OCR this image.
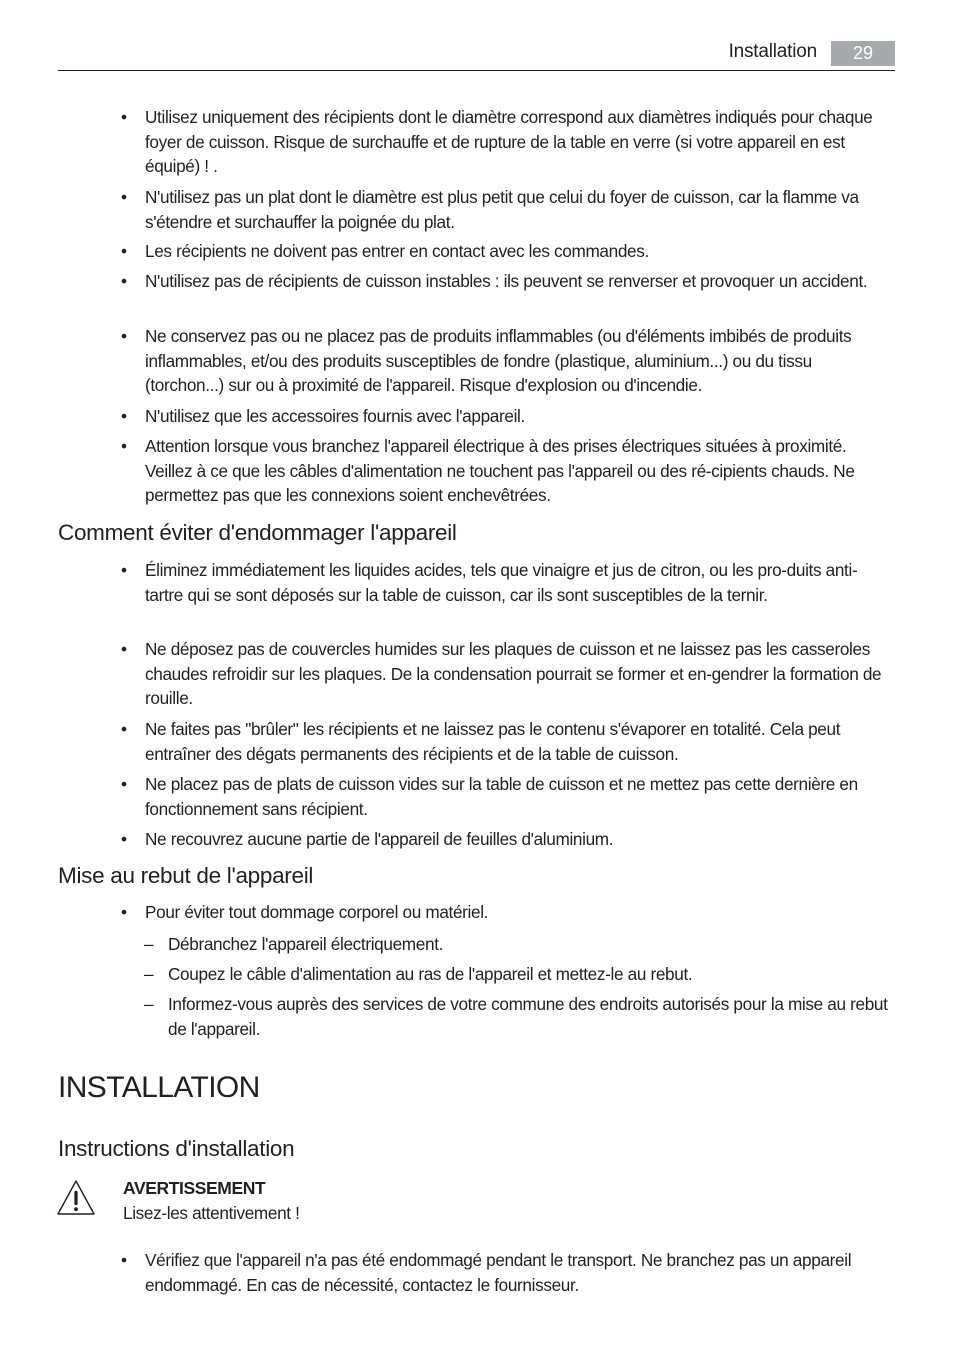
Installation	29
• Utilisez uniquement des récipients dont le diamètre correspond aux diamètres indiqués pour chaque foyer de cuisson. Risque de surchauffe et de rupture de la table en verre (si votre appareil en est équipé) ! .
• N'utilisez pas un plat dont le diamètre est plus petit que celui du foyer de cuisson, car la flamme va s'étendre et surchauffer la poignée du plat.
• Les récipients ne doivent pas entrer en contact avec les commandes.
• N'utilisez pas de récipients de cuisson instables : ils peuvent se renverser et provoquer un accident.
• Ne conservez pas ou ne placez pas de produits inflammables (ou d'éléments imbibés de produits inflammables, et/ou des produits susceptibles de fondre (plastique, aluminium...) ou du tissu (torchon...) sur ou à proximité de l'appareil. Risque d'explosion ou d'incendie.
• N'utilisez que les accessoires fournis avec l'appareil.
• Attention lorsque vous branchez l'appareil électrique à des prises électriques situées à proximité. Veillez à ce que les câbles d'alimentation ne touchent pas l'appareil ou des ré-cipients chauds. Ne permettez pas que les connexions soient enchevêtrées.
Comment éviter d'endommager l'appareil
• Éliminez immédiatement les liquides acides, tels que vinaigre et jus de citron, ou les pro-duits anti-tartre qui se sont déposés sur la table de cuisson, car ils sont susceptibles de la ternir.
• Ne déposez pas de couvercles humides sur les plaques de cuisson et ne laissez pas les casseroles chaudes refroidir sur les plaques. De la condensation pourrait se former et en-gendrer la formation de rouille.
• Ne faites pas "brûler" les récipients et ne laissez pas le contenu s'évaporer en totalité. Cela peut entraîner des dégats permanents des récipients et de la table de cuisson.
• Ne placez pas de plats de cuisson vides sur la table de cuisson et ne mettez pas cette dernière en fonctionnement sans récipient.
• Ne recouvrez aucune partie de l'appareil de feuilles d'aluminium.
Mise au rebut de l'appareil
• Pour éviter tout dommage corporel ou matériel.
– Débranchez l'appareil électriquement.
– Coupez le câble d'alimentation au ras de l'appareil et mettez-le au rebut.
– Informez-vous auprès des services de votre commune des endroits autorisés pour la mise au rebut de l'appareil.
INSTALLATION
Instructions d'installation
AVERTISSEMENT
Lisez-les attentivement !
• Vérifiez que l'appareil n'a pas été endommagé pendant le transport. Ne branchez pas un appareil endommagé. En cas de nécessité, contactez le fournisseur.
